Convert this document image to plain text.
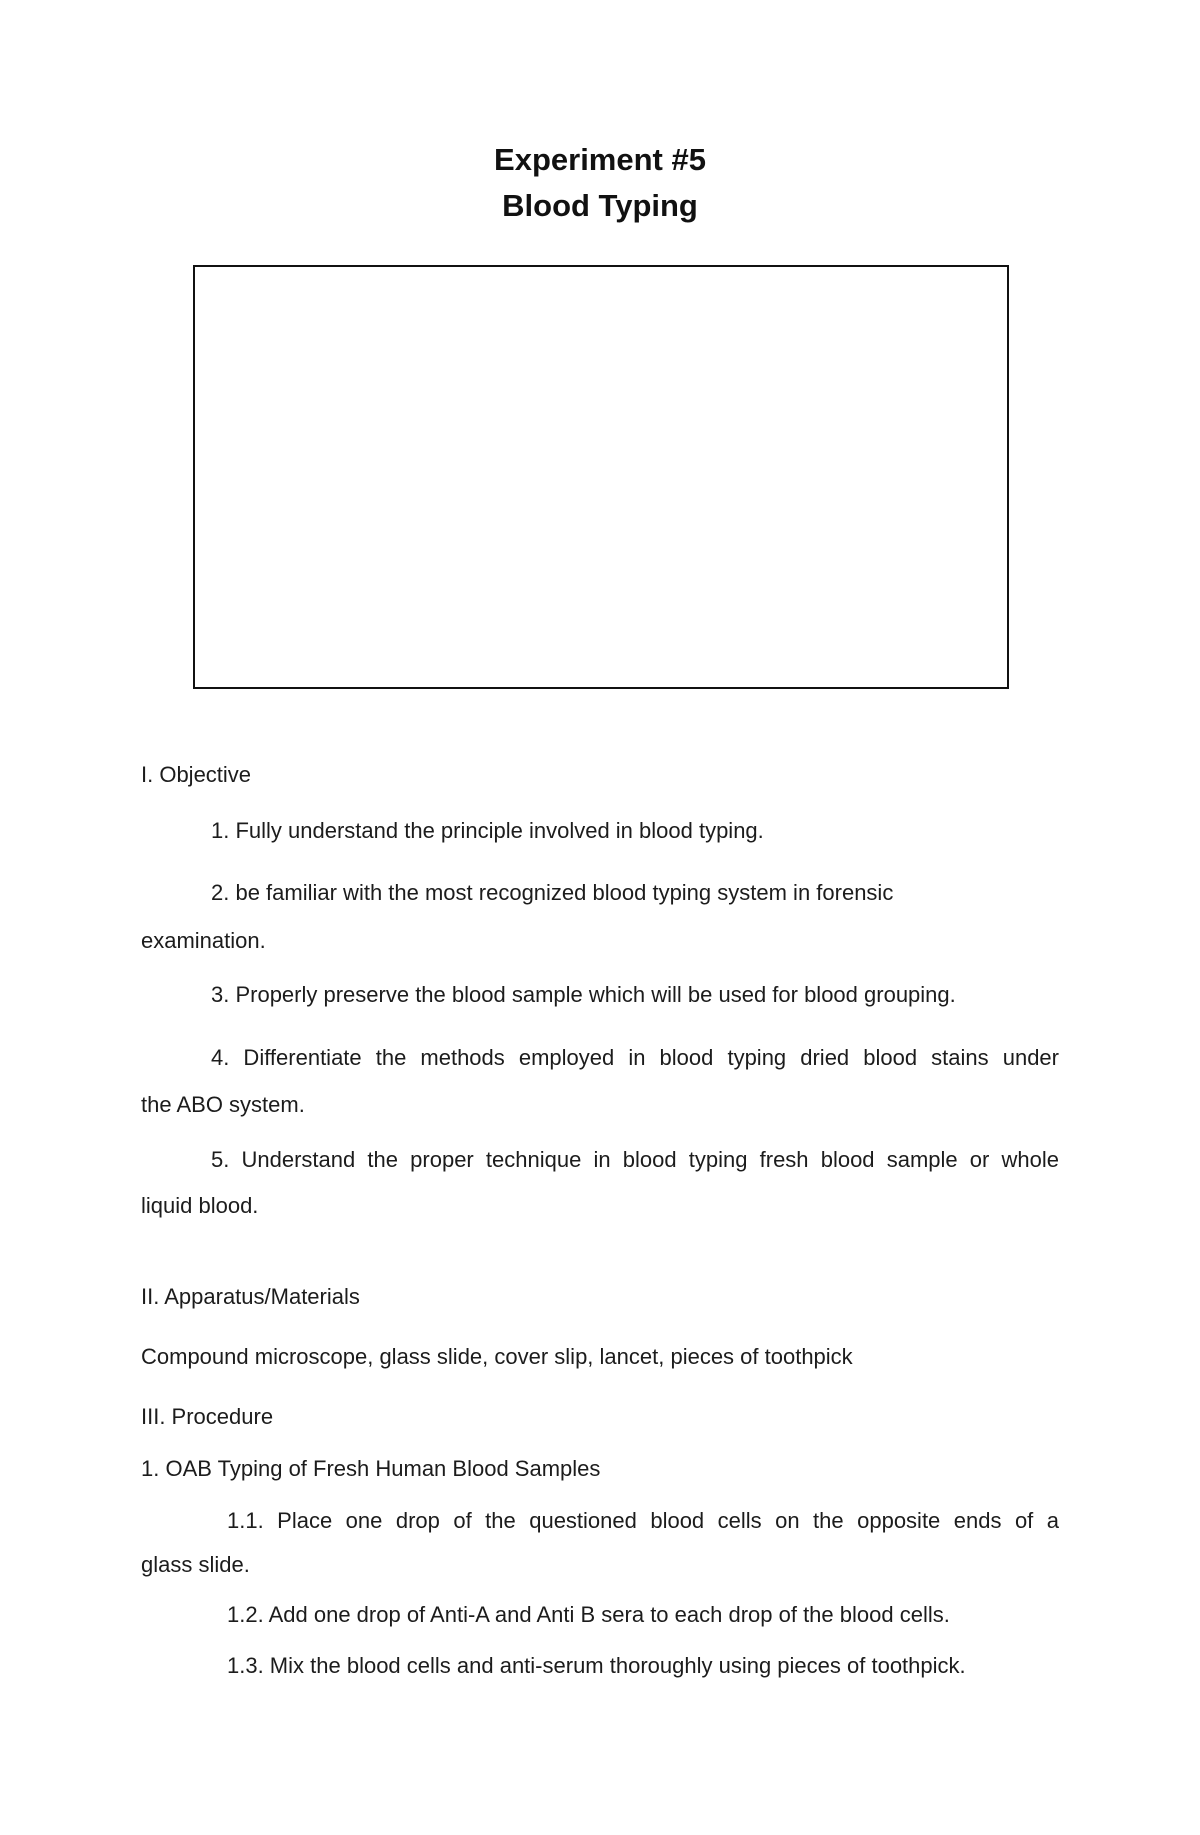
Experiment #5
Blood Typing
I. Objective
1. Fully understand the principle involved in blood typing.
2. be familiar with the most recognized blood typing system in forensic
examination.
3. Properly preserve the blood sample which will be used for blood grouping.
4. Differentiate the methods employed in blood typing dried blood stains under
the ABO system.
5. Understand the proper technique in blood typing fresh blood sample or whole
liquid blood.
II. Apparatus/Materials
Compound microscope, glass slide, cover slip, lancet, pieces of toothpick
III. Procedure
1. OAB Typing of Fresh Human Blood Samples
1.1. Place one drop of the questioned blood cells on the opposite ends of a
glass slide.
1.2. Add one drop of Anti-A and Anti B sera to each drop of the blood cells.
1.3. Mix the blood cells and anti-serum thoroughly using pieces of toothpick.
